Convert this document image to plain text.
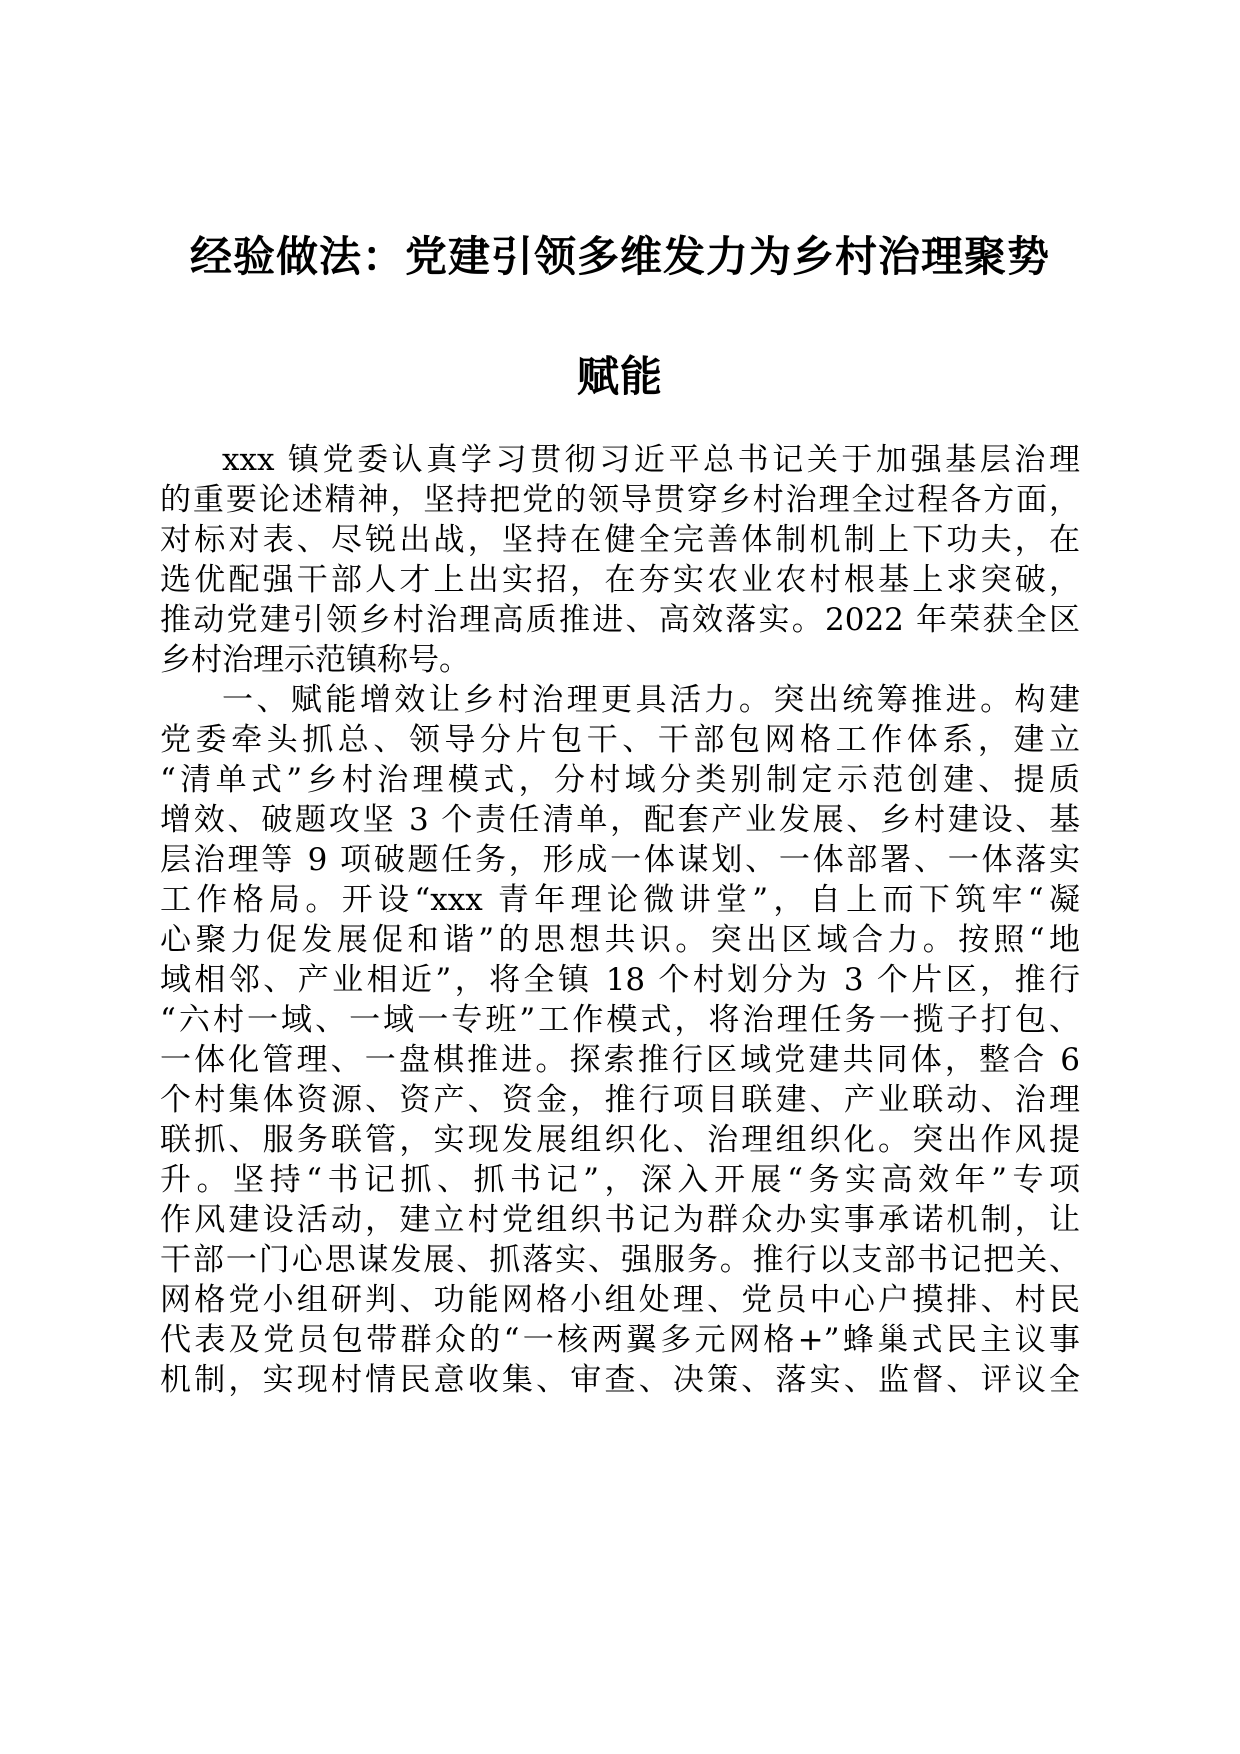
经验做法：党建引领多维发力为乡村治理聚势
赋能
xxx 镇党委认真学习贯彻习近平总书记关于加强基层治理
的重要论述精神，坚持把党的领导贯穿乡村治理全过程各方面，
对标对表、尽锐出战，坚持在健全完善体制机制上下功夫，在
选优配强干部人才上出实招，在夯实农业农村根基上求突破，
推动党建引领乡村治理高质推进、高效落实。2022 年荣获全区
乡村治理示范镇称号。
一、赋能增效让乡村治理更具活力。突出统筹推进。构建
党委牵头抓总、领导分片包干、干部包网格工作体系，建立
“清单式”乡村治理模式，分村域分类别制定示范创建、提质
增效、破题攻坚 3 个责任清单，配套产业发展、乡村建设、基
层治理等 9 项破题任务，形成一体谋划、一体部署、一体落实
工作格局。开设“xxx 青年理论微讲堂”，自上而下筑牢“凝
心聚力促发展促和谐”的思想共识。突出区域合力。按照“地
域相邻、产业相近”，将全镇 18 个村划分为 3 个片区，推行
“六村一域、一域一专班”工作模式，将治理任务一揽子打包、
一体化管理、一盘棋推进。探索推行区域党建共同体，整合 6
个村集体资源、资产、资金，推行项目联建、产业联动、治理
联抓、服务联管，实现发展组织化、治理组织化。突出作风提
升。坚持“书记抓、抓书记”，深入开展“务实高效年”专项
作风建设活动，建立村党组织书记为群众办实事承诺机制，让
干部一门心思谋发展、抓落实、强服务。推行以支部书记把关、
网格党小组研判、功能网格小组处理、党员中心户摸排、村民
代表及党员包带群众的“一核两翼多元网格+”蜂巢式民主议事
机制，实现村情民意收集、审查、决策、落实、监督、评议全
